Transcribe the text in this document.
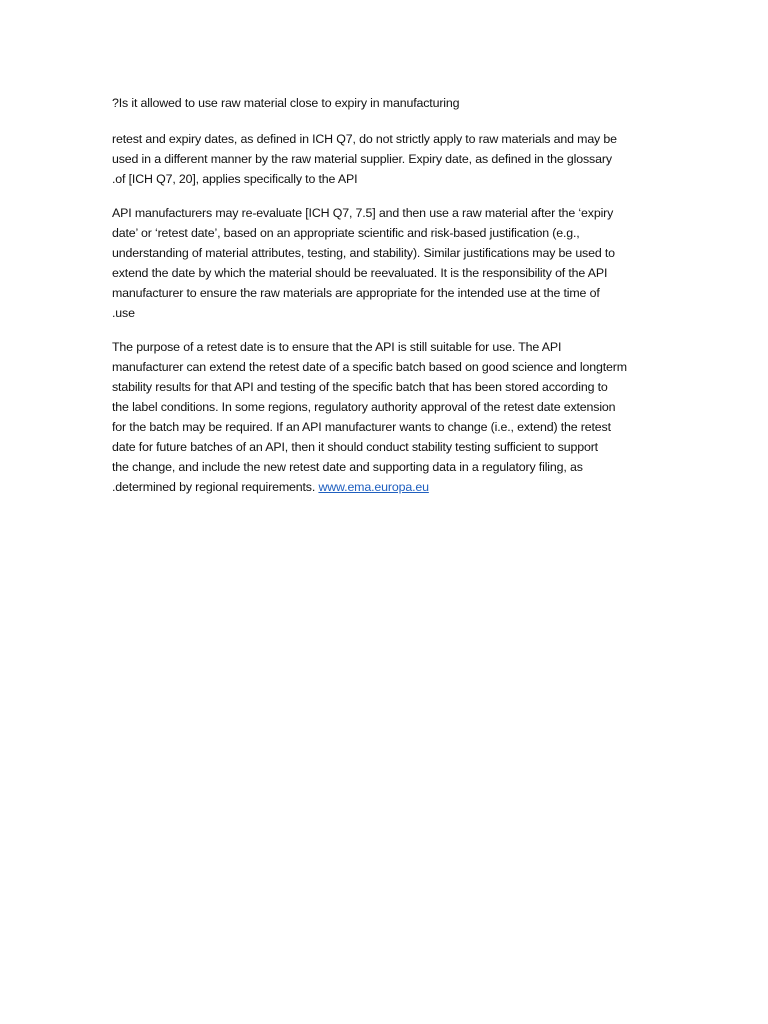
?Is it allowed to use raw material close to expiry in manufacturing
retest and expiry dates, as defined in ICH Q7, do not strictly apply to raw materials and may be
used in a different manner by the raw material supplier. Expiry date, as defined in the glossary
.of [ICH Q7, 20], applies specifically to the API
API manufacturers may re-evaluate [ICH Q7, 7.5] and then use a raw material after the ‘expiry
date’ or ‘retest date’, based on an appropriate scientific and risk-based justification (e.g.,
understanding of material attributes, testing, and stability). Similar justifications may be used to
extend the date by which the material should be reevaluated. It is the responsibility of the API
manufacturer to ensure the raw materials are appropriate for the intended use at the time of
.use
The purpose of a retest date is to ensure that the API is still suitable for use. The API
manufacturer can extend the retest date of a specific batch based on good science and longterm
stability results for that API and testing of the specific batch that has been stored according to
the label conditions. In some regions, regulatory authority approval of the retest date extension
for the batch may be required. If an API manufacturer wants to change (i.e., extend) the retest
date for future batches of an API, then it should conduct stability testing sufficient to support
the change, and include the new retest date and supporting data in a regulatory filing, as
.determined by regional requirements. www.ema.europa.eu
